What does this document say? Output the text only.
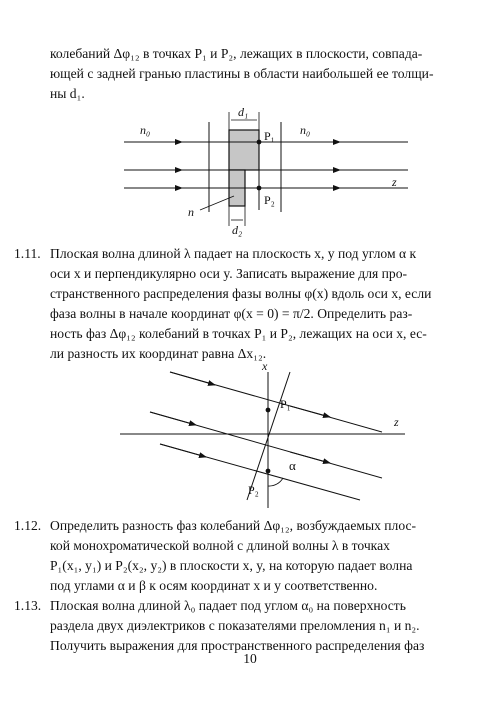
колебаний Δφ₁₂ в точках P₁ и P₂, лежащих в плоскости, совпада-
ющей с задней гранью пластины в области наибольшей ее толщи-
ны d₁.
d₁
d₂
n₀	n₀
n
P₁
P₂
z
1.11. Плоская волна длиной λ падает на плоскость x, y под углом α к
оси x и перпендикулярно оси y. Записать выражение для про-
странственного распределения фазы волны φ(x) вдоль оси x, если
фаза волны в начале координат φ(x = 0) = π/2. Определить раз-
ность фаз Δφ₁₂ колебаний в точках P₁ и P₂, лежащих на оси x, ес-
ли разность их координат равна Δx₁₂.
x
z
P₁
P₂
α
1.12. Определить разность фаз колебаний Δφ₁₂, возбуждаемых плос-
кой монохроматической волной с длиной волны λ в точках
P₁(x₁, y₁) и P₂(x₂, y₂) в плоскости x, y, на которую падает волна
под углами α и β к осям координат x и y соответственно.
1.13. Плоская волна длиной λ₀ падает под углом α₀ на поверхность
раздела двух диэлектриков с показателями преломления n₁ и n₂.
Получить выражения для пространственного распределения фаз
10
